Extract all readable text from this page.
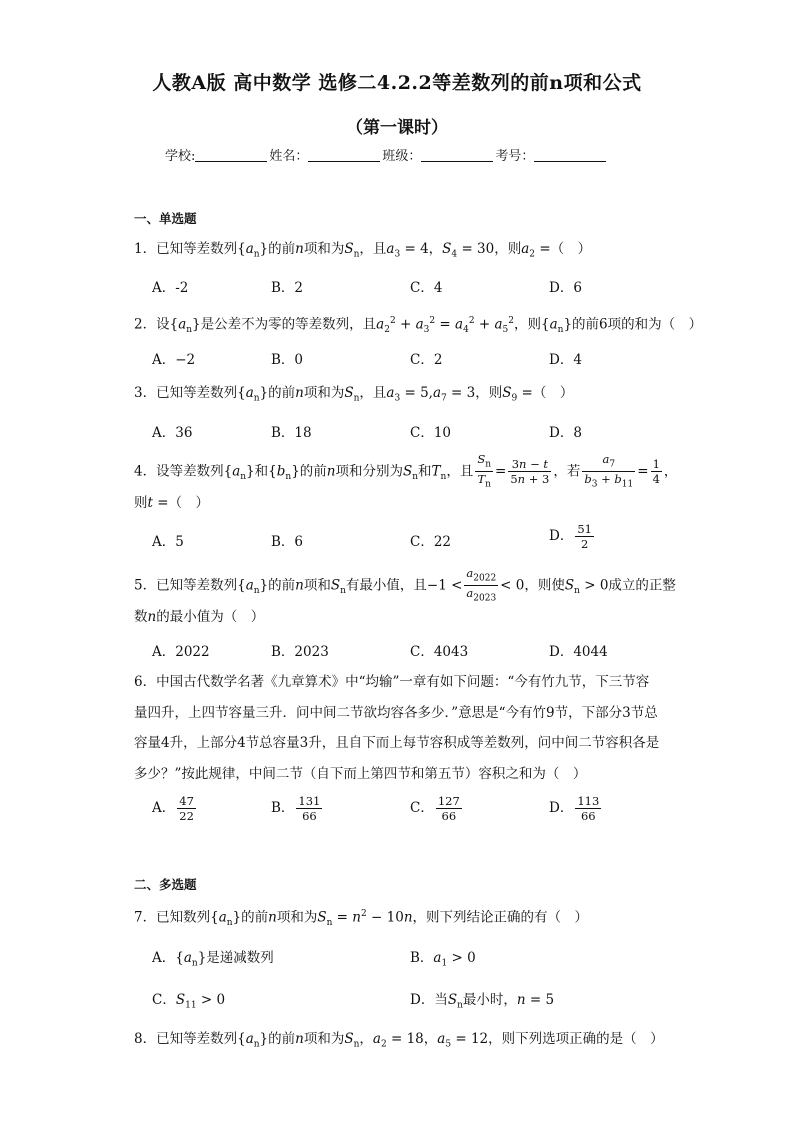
人教A版 高中数学 选修二4.2.2等差数列的前n项和公式
（第一课时）
学校:	姓名：	班级：	考号：
一、单选题
1．已知等差数列$\{a_n\}$的前n项和为$S_n$，且$a_3 = 4$，$S_4 = 30$，则$a_2$ =（　）
A．-2	B．2	C．4	D．6
2．设$\{a_n\}$是公差不为零的等差数列，且$a_2^2 + a_3^2 = a_4^2 + a_5^2$，则$\{a_n\}$的前6项的和为（　）
A．−2	B．0	C．2	D．4
3．已知等差数列$\{a_n\}$的前n项和为$S_n$，且$a_3 = 5,a_7 = 3$，则$S_9$ =（　）
A．36	B．18	C．10	D．8
4．设等差数列$\{a_n\}$和$\{b_n\}$的前n项和分别为$S_n$和$T_n$，且 $\frac{S_n}{T_n} = \frac{3n - t}{5n + 3}$ ，若 $\frac{a_7}{b_3 + b_{11}} = \frac{1}{4}$ ，
则t =（　）
A．5	B．6	C．22	D． $\frac{51}{2}$
5．已知等差数列$\{a_n\}$的前n项和$S_n$有最小值，且$-1 < \frac{a_{2022}}{a_{2023}} < 0$，则使$S_n > 0$成立的正整
数n的最小值为（　）
A．2022	B．2023	C．4043	D．4044
6．中国古代数学名著《九章算术》中“均输”一章有如下问题：“今有竹九节，下三节容量四升，上四节容量三升．问中间二节欲均容各多少．”意思是“今有竹9节，下部分3节总容量4升，上部分4节总容量3升，且自下而上每节容积成等差数列，问中间二节容积各是多少？”按此规律，中间二节（自下而上第四节和第五节）容积之和为（　）
A． $\frac{47}{22}$	B． $\frac{131}{66}$	C． $\frac{127}{66}$	D． $\frac{113}{66}$
二、多选题
7．已知数列$\{a_n\}$的前n项和为$S_n = n^2 - 10n$，则下列结论正确的有（　）
A．$\{a_n\}$是递减数列	B．$a_1 > 0$
C．$S_{11} > 0$	D．当$S_n$最小时，n = 5
8．已知等差数列$\{a_n\}$的前n项和为$S_n$，$a_2 = 18$，$a_5 = 12$，则下列选项正确的是（　）
